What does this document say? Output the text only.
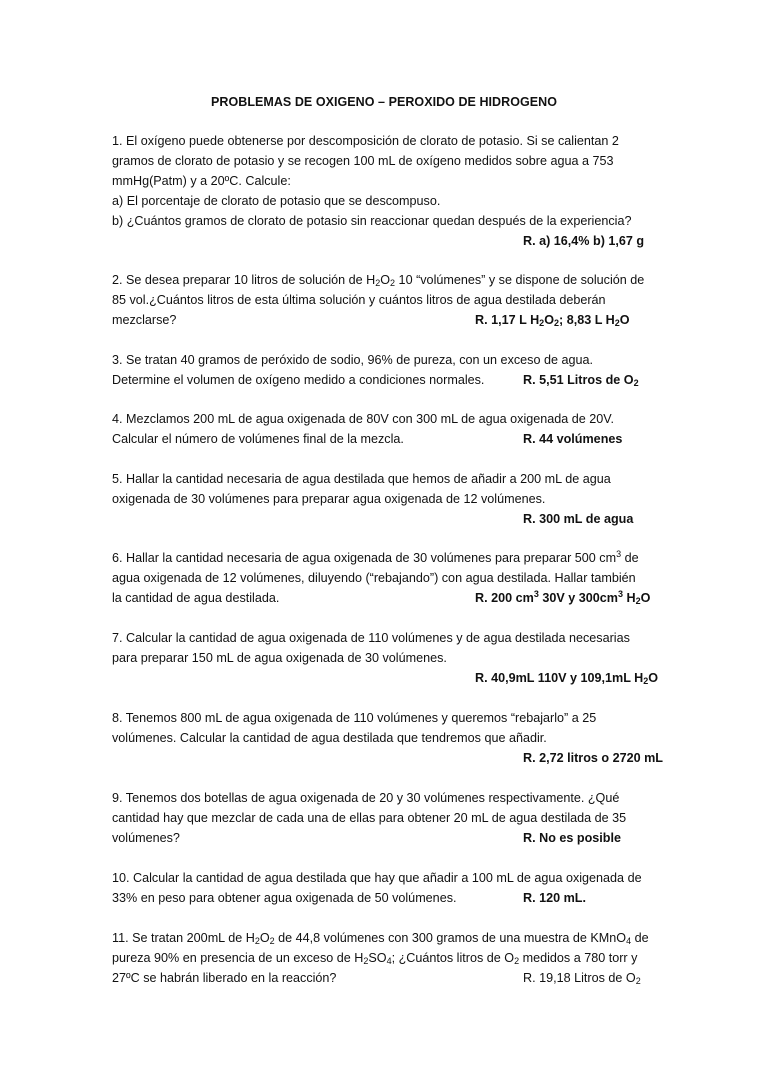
PROBLEMAS DE OXIGENO – PEROXIDO DE HIDROGENO
1. El oxígeno puede obtenerse por descomposición de clorato de potasio. Si se calientan 2
gramos de clorato de potasio y se recogen 100 mL de oxígeno medidos sobre agua a 753
mmHg(Patm) y a 20ºC. Calcule:
a) El porcentaje de clorato de potasio que se descompuso.
b) ¿Cuántos gramos de clorato de potasio sin reaccionar quedan después de la experiencia?
R. a) 16,4% b) 1,67 g
2. Se desea preparar 10 litros de solución de $H_2O_2$ 10 “volúmenes” y se dispone de solución de
85 vol.¿Cuántos litros de esta última solución y cuántos litros de agua destilada deberán
mezclarse?	R. 1,17 L $H_2O_2$; 8,83 L $H_2O$
3. Se tratan 40 gramos de peróxido de sodio, 96% de pureza, con un exceso de agua.
Determine el volumen de oxígeno medido a condiciones normales.	R. 5,51 Litros de $O_2$
4. Mezclamos 200 mL de agua oxigenada de 80V con 300 mL de agua oxigenada de 20V.
Calcular el número de volúmenes final de la mezcla.	R. 44 volúmenes
5. Hallar la cantidad necesaria de agua destilada que hemos de añadir a 200 mL de agua
oxigenada de 30 volúmenes para preparar agua oxigenada de 12 volúmenes.
R. 300 mL de agua
6. Hallar la cantidad necesaria de agua oxigenada de 30 volúmenes para preparar 500 $cm^3$ de
agua oxigenada de 12 volúmenes, diluyendo (“rebajando”) con agua destilada. Hallar también
la cantidad de agua destilada.	R. 200 $cm^3$ 30V y $300cm^3$ $H_2O$
7. Calcular la cantidad de agua oxigenada de 110 volúmenes y de agua destilada necesarias
para preparar 150 mL de agua oxigenada de 30 volúmenes.
R. 40,9mL 110V y 109,1mL $H_2O$
8. Tenemos 800 mL de agua oxigenada de 110 volúmenes y queremos “rebajarlo” a 25
volúmenes. Calcular la cantidad de agua destilada que tendremos que añadir.
R. 2,72 litros o 2720 mL
9. Tenemos dos botellas de agua oxigenada de 20 y 30 volúmenes respectivamente. ¿Qué
cantidad hay que mezclar de cada una de ellas para obtener 20 mL de agua destilada de 35
volúmenes?	R. No es posible
10. Calcular la cantidad de agua destilada que hay que añadir a 100 mL de agua oxigenada de
33% en peso para obtener agua oxigenada de 50 volúmenes.	R. 120 mL.
11. Se tratan 200mL de $H_2O_2$ de 44,8 volúmenes con 300 gramos de una muestra de KMnO$_4$ de
pureza 90% en presencia de un exceso de $H_2SO_4$; ¿Cuántos litros de $O_2$ medidos a 780 torr y
27ºC se habrán liberado en la reacción?	R. 19,18 Litros de $O_2$
